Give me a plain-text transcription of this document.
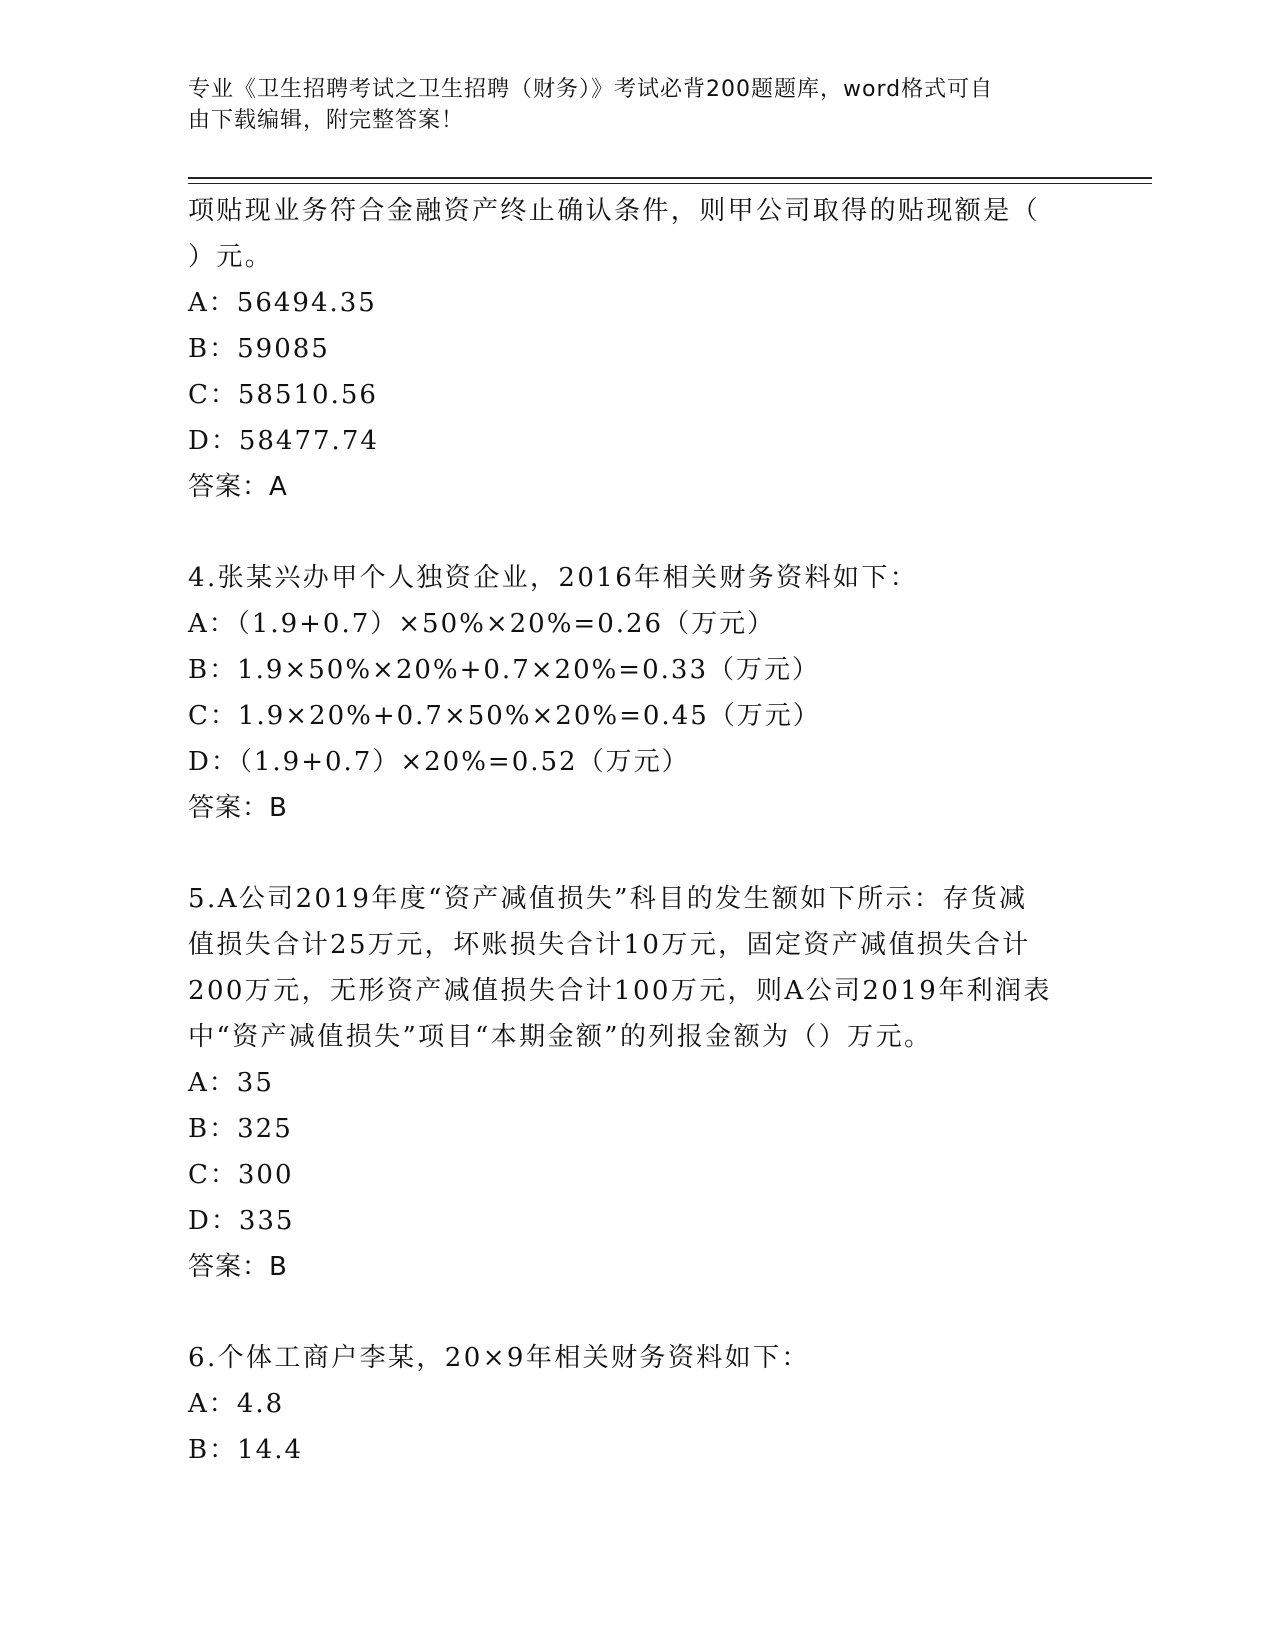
专业《卫生招聘考试之卫生招聘（财务）》考试必背200题题库，word格式可自
由下载编辑，附完整答案！
项贴现业务符合金融资产终止确认条件，则甲公司取得的贴现额是（
）元。
A：56494.35
B：59085
C：58510.56
D：58477.74
答案：A
4.张某兴办甲个人独资企业，2016年相关财务资料如下：
A：（1.9+0.7）×50%×20%=0.26（万元）
B：1.9×50%×20%+0.7×20%=0.33（万元）
C：1.9×20%+0.7×50%×20%=0.45（万元）
D：（1.9+0.7）×20%=0.52（万元）
答案：B
5.A公司2019年度“资产减值损失”科目的发生额如下所示：存货减
值损失合计25万元，坏账损失合计10万元，固定资产减值损失合计
200万元，无形资产减值损失合计100万元，则A公司2019年利润表
中“资产减值损失”项目“本期金额”的列报金额为（）万元。
A：35
B：325
C：300
D：335
答案：B
6.个体工商户李某，20×9年相关财务资料如下：
A：4.8
B：14.4
